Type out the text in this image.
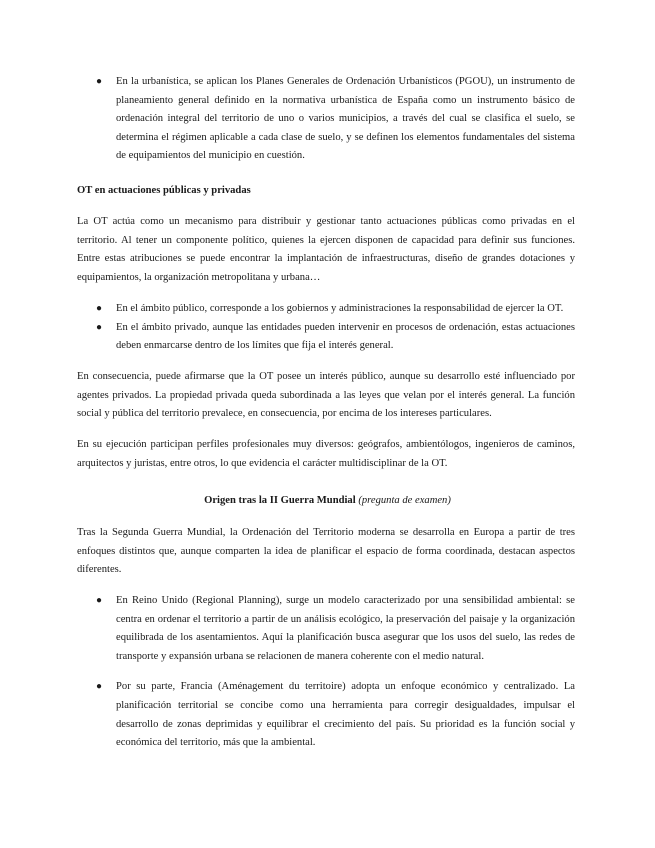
● En la urbanística, se aplican los Planes Generales de Ordenación Urbanísticos (PGOU), un instrumento de planeamiento general definido en la normativa urbanística de España como un instrumento básico de ordenación integral del territorio de uno o varios municipios, a través del cual se clasifica el suelo, se determina el régimen aplicable a cada clase de suelo, y se definen los elementos fundamentales del sistema de equipamientos del municipio en cuestión.

OT en actuaciones públicas y privadas

La OT actúa como un mecanismo para distribuir y gestionar tanto actuaciones públicas como privadas en el territorio. Al tener un componente político, quienes la ejercen disponen de capacidad para definir sus funciones. Entre estas atribuciones se puede encontrar la implantación de infraestructuras, diseño de grandes dotaciones y equipamientos, la organización metropolitana y urbana…

● En el ámbito público, corresponde a los gobiernos y administraciones la responsabilidad de ejercer la OT.

● En el ámbito privado, aunque las entidades pueden intervenir en procesos de ordenación, estas actuaciones deben enmarcarse dentro de los límites que fija el interés general.

En consecuencia, puede afirmarse que la OT posee un interés público, aunque su desarrollo esté influenciado por agentes privados. La propiedad privada queda subordinada a las leyes que velan por el interés general. La función social y pública del territorio prevalece, en consecuencia, por encima de los intereses particulares.

En su ejecución participan perfiles profesionales muy diversos: geógrafos, ambientólogos, ingenieros de caminos, arquitectos y juristas, entre otros, lo que evidencia el carácter multidisciplinar de la OT.

Origen tras la II Guerra Mundial (pregunta de examen)

Tras la Segunda Guerra Mundial, la Ordenación del Territorio moderna se desarrolla en Europa a partir de tres enfoques distintos que, aunque comparten la idea de planificar el espacio de forma coordinada, destacan aspectos diferentes.

● En Reino Unido (Regional Planning), surge un modelo caracterizado por una sensibilidad ambiental: se centra en ordenar el territorio a partir de un análisis ecológico, la preservación del paisaje y la organización equilibrada de los asentamientos. Aquí la planificación busca asegurar que los usos del suelo, las redes de transporte y expansión urbana se relacionen de manera coherente con el medio natural.

● Por su parte, Francia (Aménagement du territoire) adopta un enfoque económico y centralizado. La planificación territorial se concibe como una herramienta para corregir desigualdades, impulsar el desarrollo de zonas deprimidas y equilibrar el crecimiento del país. Su prioridad es la función social y económica del territorio, más que la ambiental.
